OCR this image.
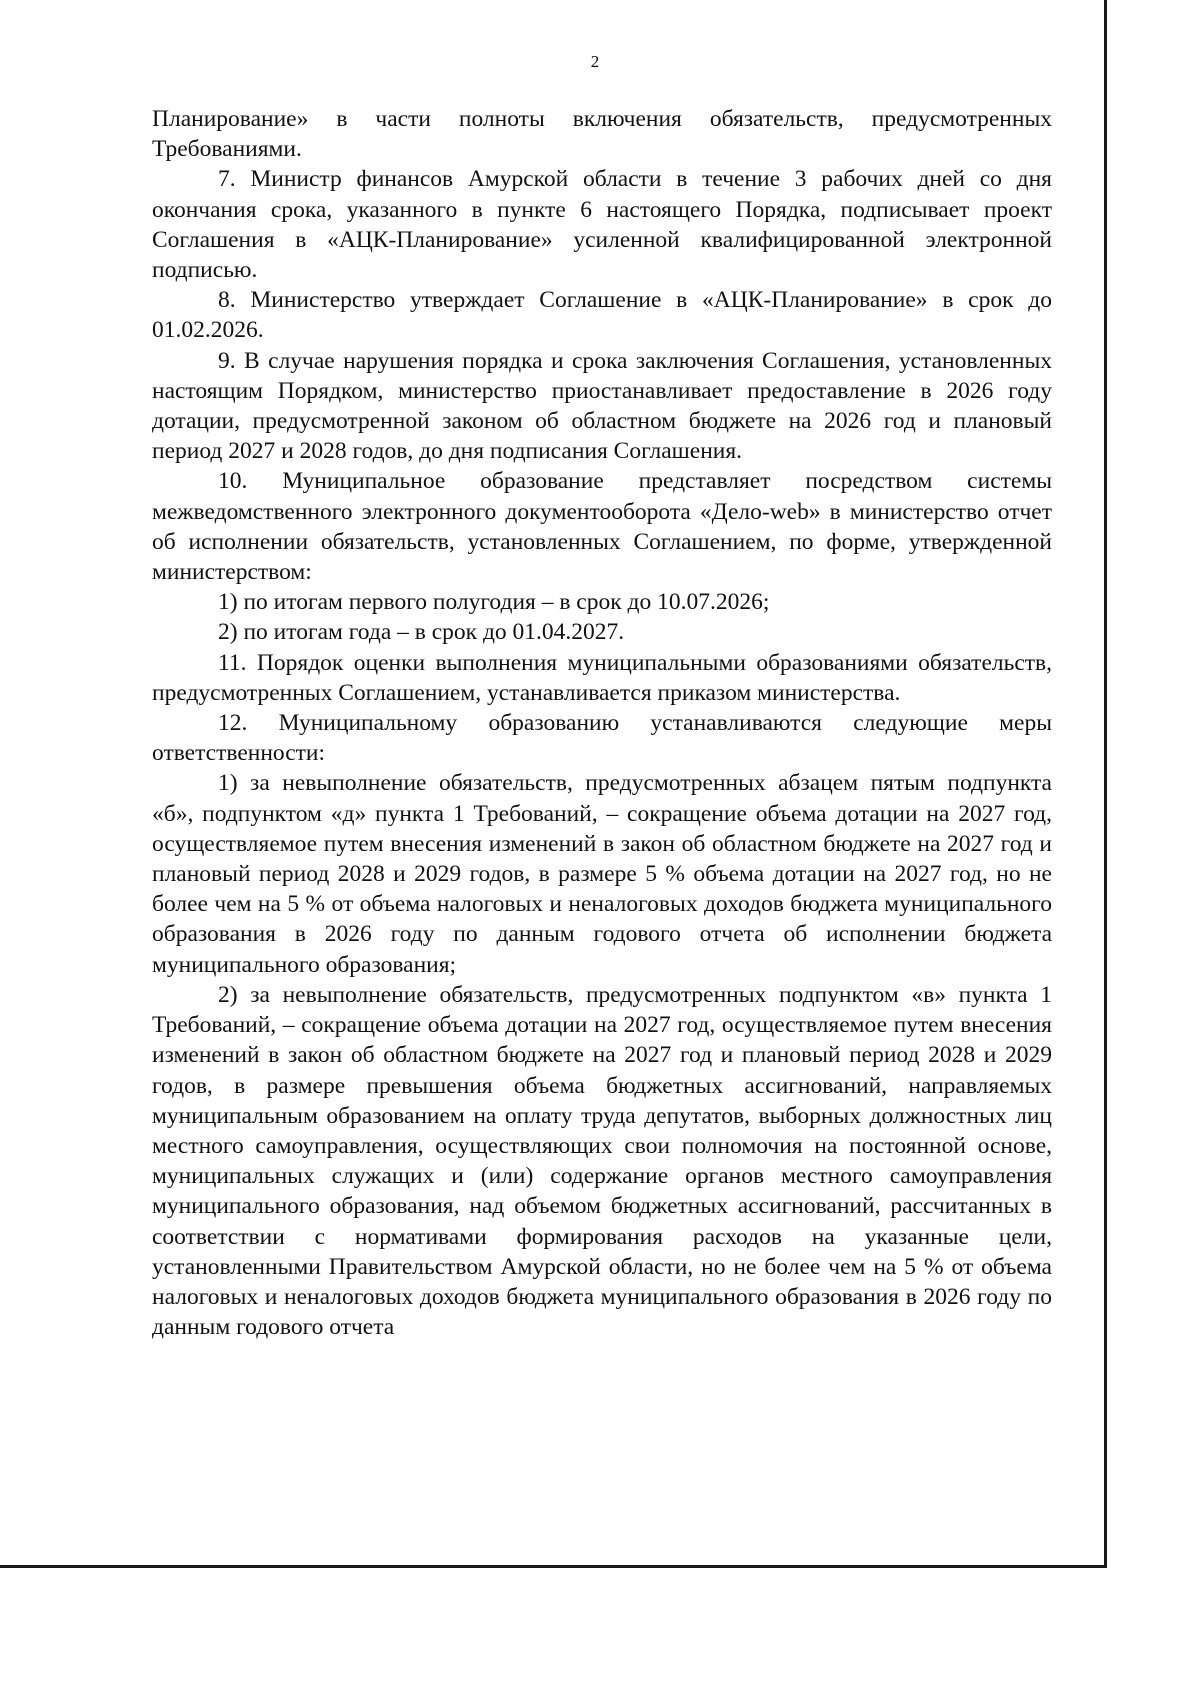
2

Планирование» в части полноты включения обязательств, предусмотренных Требованиями.

7. Министр финансов Амурской области в течение 3 рабочих дней со дня окончания срока, указанного в пункте 6 настоящего Порядка, подписывает проект Соглашения в «АЦК-Планирование» усиленной квалифицированной электронной подписью.

8. Министерство утверждает Соглашение в «АЦК-Планирование» в срок до 01.02.2026.

9. В случае нарушения порядка и срока заключения Соглашения, установленных настоящим Порядком, министерство приостанавливает предоставление в 2026 году дотации, предусмотренной законом об областном бюджете на 2026 год и плановый период 2027 и 2028 годов, до дня подписания Соглашения.

10. Муниципальное образование представляет посредством системы межведомственного электронного документооборота «Дело-web» в министерство отчет об исполнении обязательств, установленных Соглашением, по форме, утвержденной министерством:

1) по итогам первого полугодия – в срок до 10.07.2026;

2) по итогам года – в срок до 01.04.2027.

11. Порядок оценки выполнения муниципальными образованиями обязательств, предусмотренных Соглашением, устанавливается приказом министерства.

12. Муниципальному образованию устанавливаются следующие меры ответственности:

1) за невыполнение обязательств, предусмотренных абзацем пятым подпункта «б», подпунктом «д» пункта 1 Требований, – сокращение объема дотации на 2027 год, осуществляемое путем внесения изменений в закон об областном бюджете на 2027 год и плановый период 2028 и 2029 годов, в размере 5 % объема дотации на 2027 год, но не более чем на 5 % от объема налоговых и неналоговых доходов бюджета муниципального образования в 2026 году по данным годового отчета об исполнении бюджета муниципального образования;

2) за невыполнение обязательств, предусмотренных подпунктом «в» пункта 1 Требований, – сокращение объема дотации на 2027 год, осуществляемое путем внесения изменений в закон об областном бюджете на 2027 год и плановый период 2028 и 2029 годов, в размере превышения объема бюджетных ассигнований, направляемых муниципальным образованием на оплату труда депутатов, выборных должностных лиц местного самоуправления, осуществляющих свои полномочия на постоянной основе, муниципальных служащих и (или) содержание органов местного самоуправления муниципального образования, над объемом бюджетных ассигнований, рассчитанных в соответствии с нормативами формирования расходов на указанные цели, установленными Правительством Амурской области, но не более чем на 5 % от объема налоговых и неналоговых доходов бюджета муниципального образования в 2026 году по данным годового отчета
